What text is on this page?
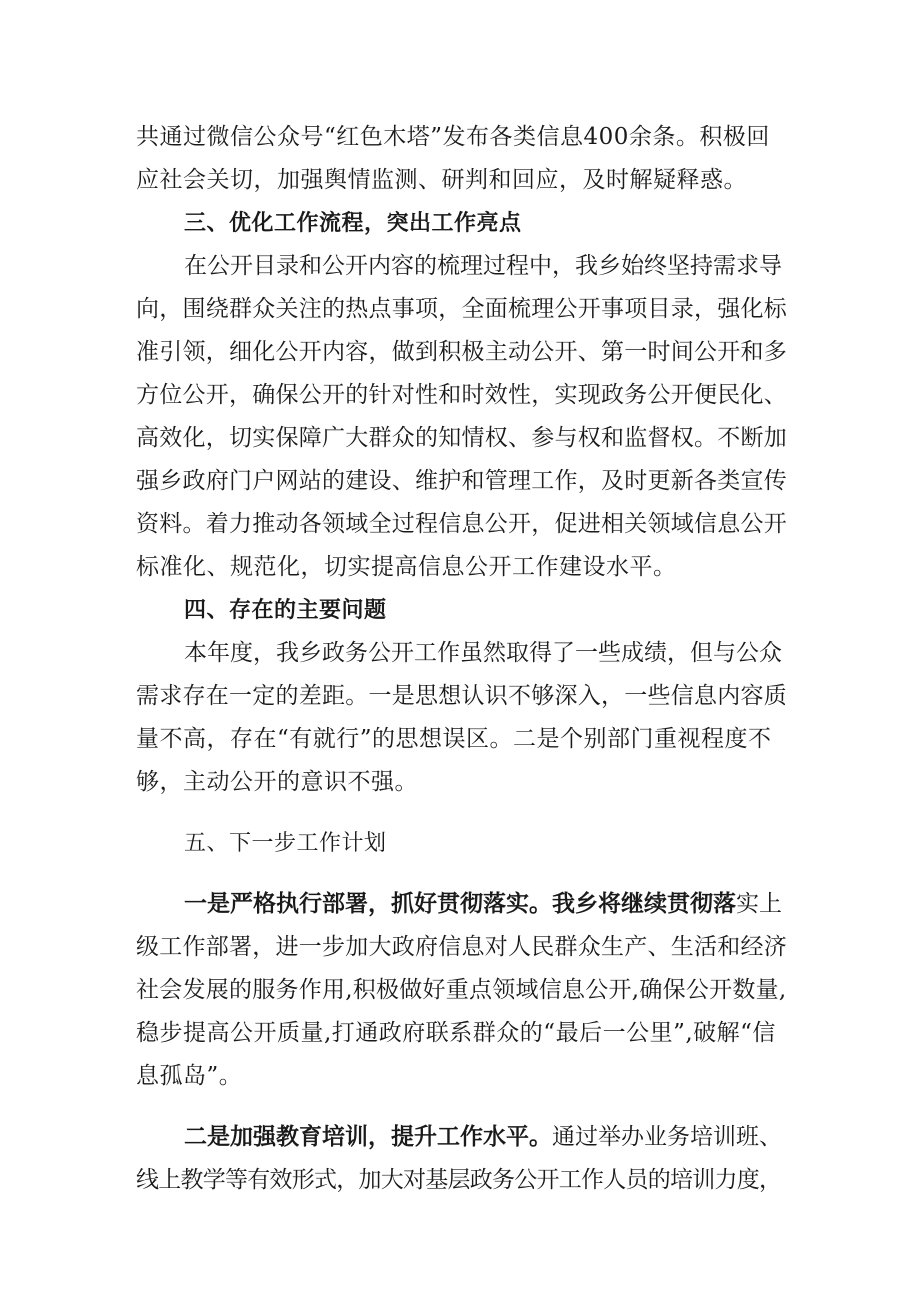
共通过微信公众号“红色木塔”发布各类信息400余条。积极回
应社会关切，加强舆情监测、研判和回应，及时解疑释惑。
三、优化工作流程，突出工作亮点
在公开目录和公开内容的梳理过程中，我乡始终坚持需求导
向，围绕群众关注的热点事项，全面梳理公开事项目录，强化标
准引领，细化公开内容，做到积极主动公开、第一时间公开和多
方位公开，确保公开的针对性和时效性，实现政务公开便民化、
高效化，切实保障广大群众的知情权、参与权和监督权。不断加
强乡政府门户网站的建设、维护和管理工作，及时更新各类宣传
资料。着力推动各领域全过程信息公开，促进相关领域信息公开
标准化、规范化，切实提高信息公开工作建设水平。
四、存在的主要问题
本年度，我乡政务公开工作虽然取得了一些成绩，但与公众
需求存在一定的差距。一是思想认识不够深入，一些信息内容质
量不高，存在“有就行”的思想误区。二是个别部门重视程度不
够，主动公开的意识不强。
五、下一步工作计划
一是严格执行部署，抓好贯彻落实。我乡将继续贯彻落实上
级工作部署，进一步加大政府信息对人民群众生产、生活和经济
社会发展的服务作用,积极做好重点领域信息公开,确保公开数量,
稳步提高公开质量,打通政府联系群众的“最后一公里”,破解“信
息孤岛”。
二是加强教育培训，提升工作水平。通过举办业务培训班、
线上教学等有效形式，加大对基层政务公开工作人员的培训力度，
